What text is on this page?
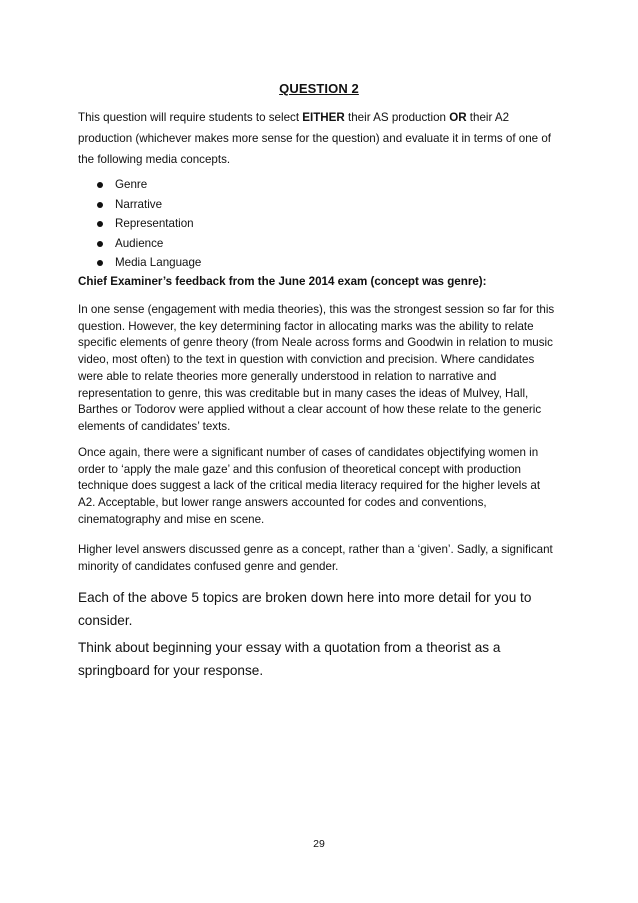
QUESTION 2
This question will require students to select EITHER their AS production OR their A2 production (whichever makes more sense for the question) and evaluate it in terms of one of the following media concepts.
Genre
Narrative
Representation
Audience
Media Language
Chief Examiner’s feedback from the June 2014 exam (concept was genre):

In one sense (engagement with media theories), this was the strongest session so far for this question. However, the key determining factor in allocating marks was the ability to relate specific elements of genre theory (from Neale across forms and Goodwin in relation to music video, most often) to the text in question with conviction and precision. Where candidates were able to relate theories more generally understood in relation to narrative and representation to genre, this was creditable but in many cases the ideas of Mulvey, Hall, Barthes or Todorov were applied without a clear account of how these relate to the generic elements of candidates’ texts.

Once again, there were a significant number of cases of candidates objectifying women in order to ‘apply the male gaze’ and this confusion of theoretical concept with production technique does suggest a lack of the critical media literacy required for the higher levels at A2. Acceptable, but lower range answers accounted for codes and conventions, cinematography and mise en scene.

Higher level answers discussed genre as a concept, rather than a ‘given’. Sadly, a significant minority of candidates confused genre and gender.

Each of the above 5 topics are broken down here into more detail for you to consider.

Think about beginning your essay with a quotation from a theorist as a springboard for your response.

29
